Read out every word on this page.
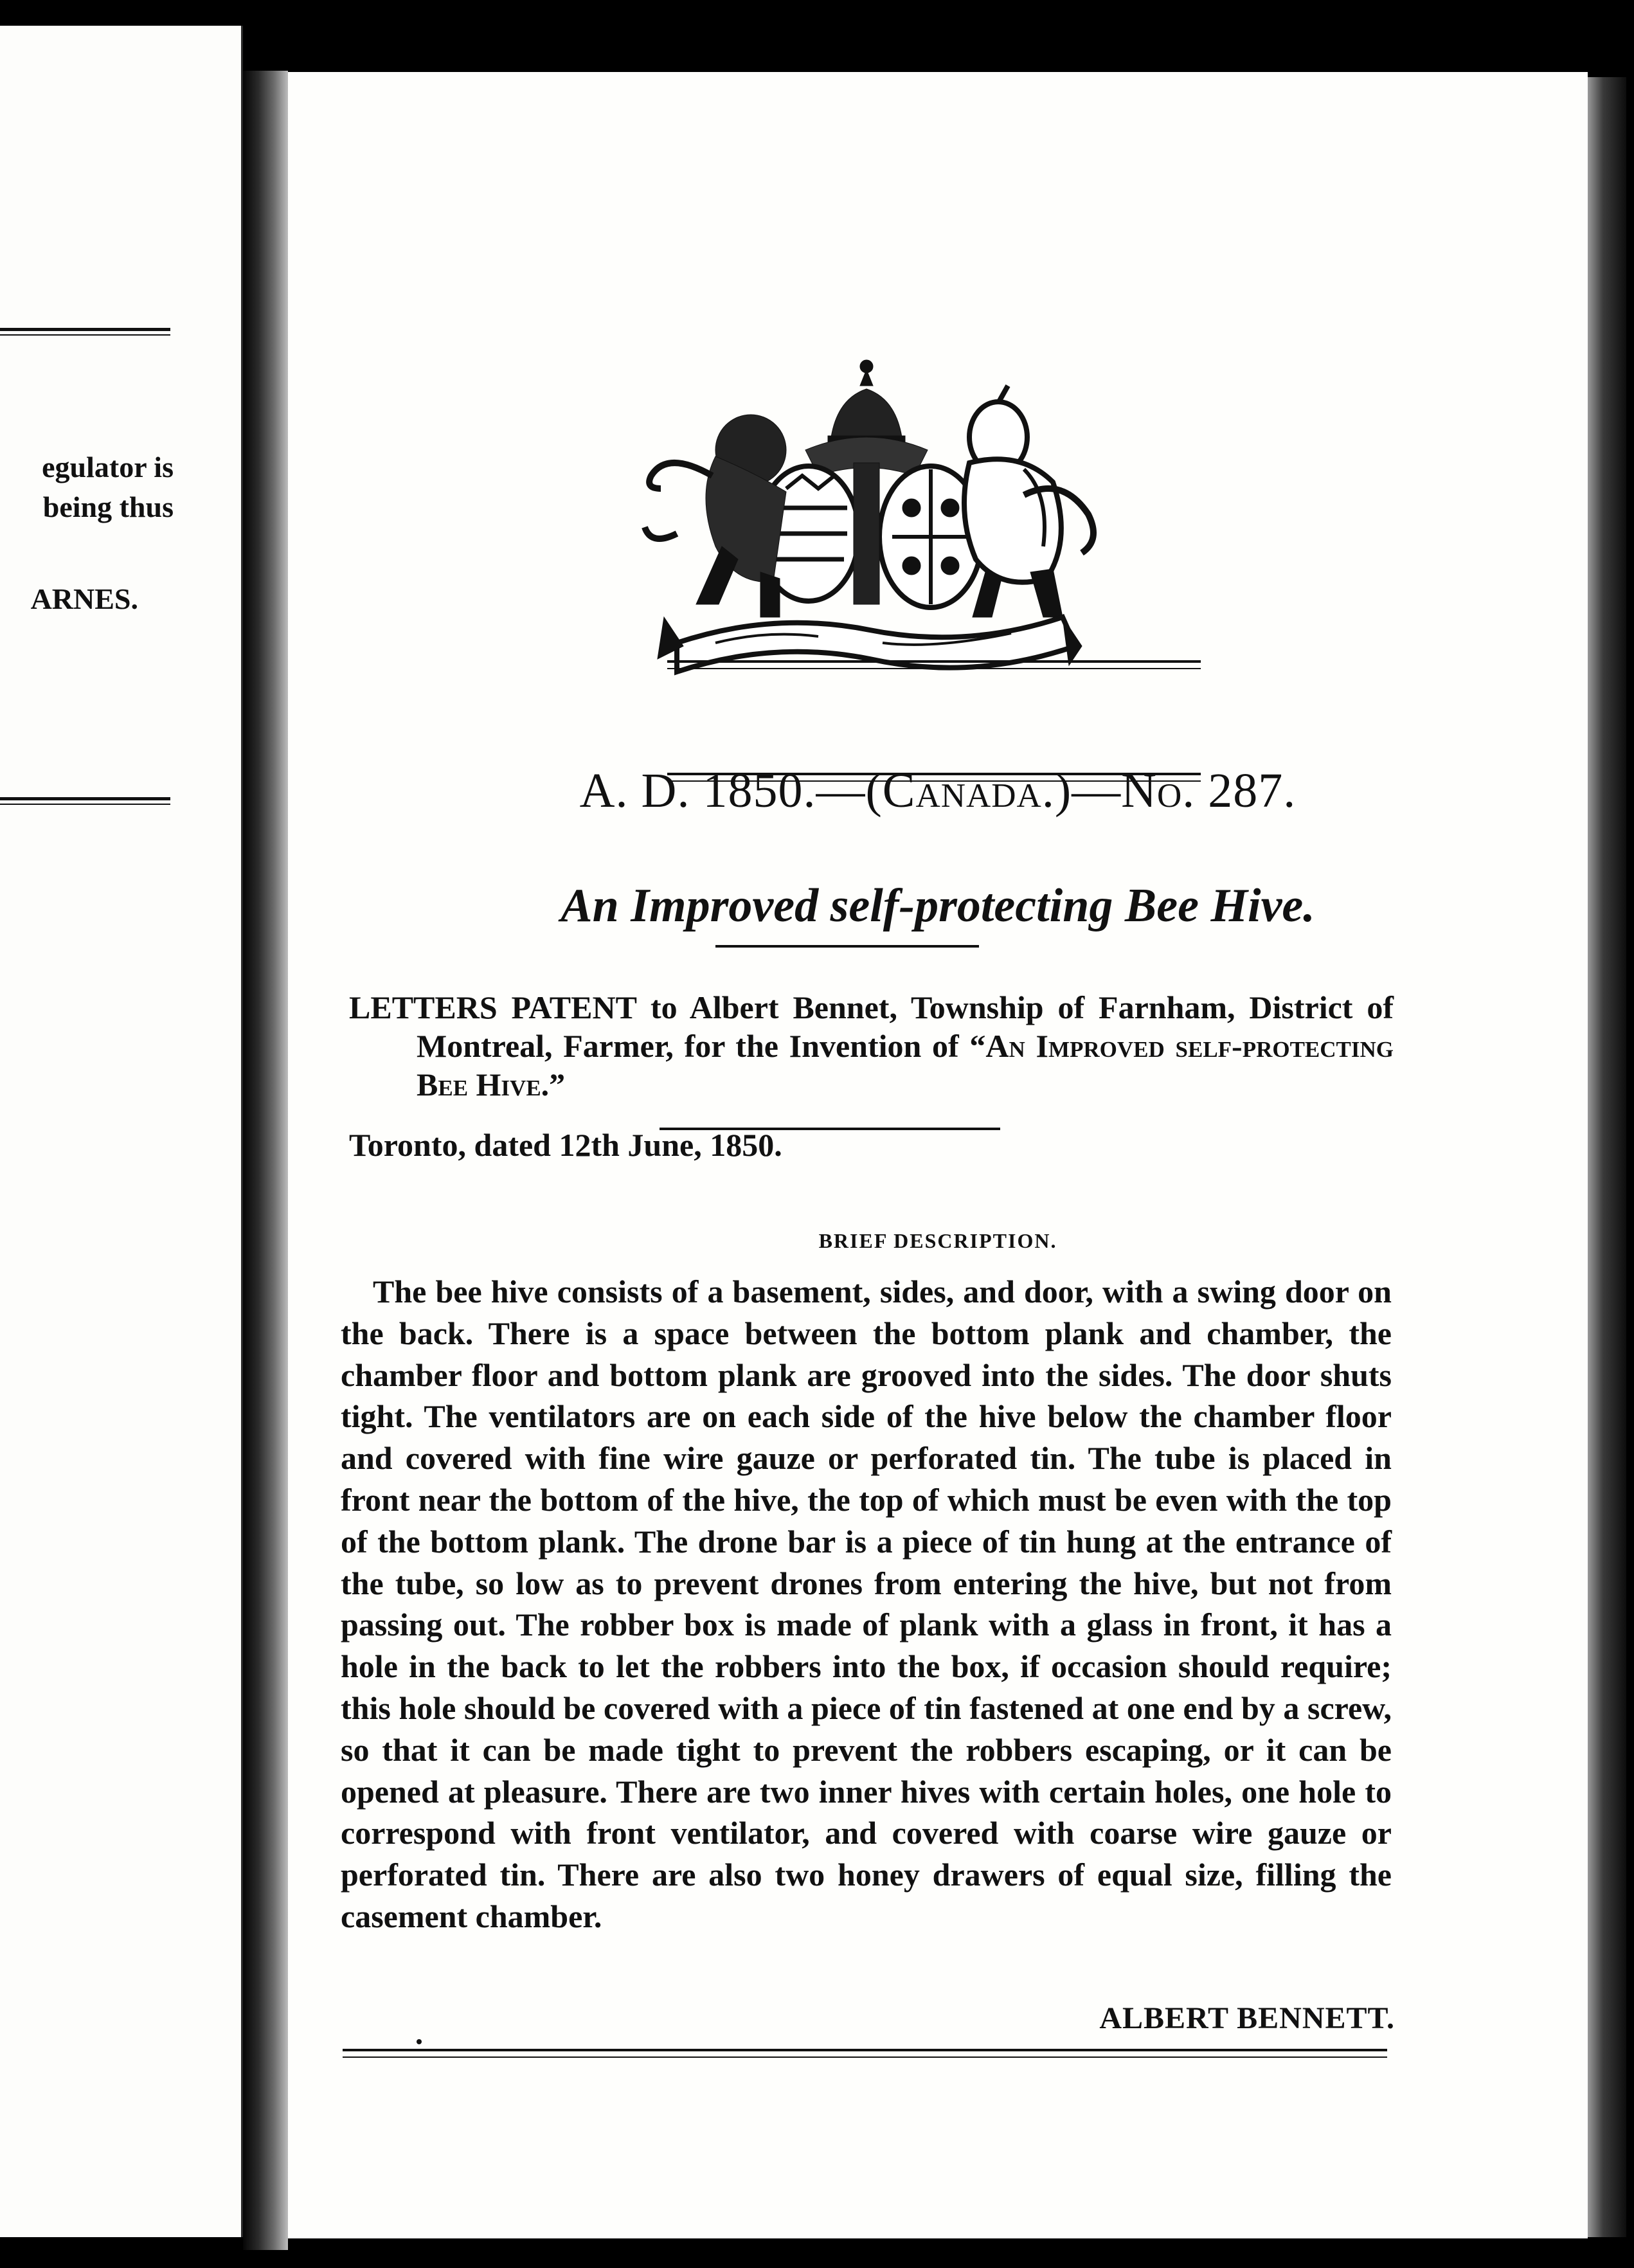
egulator is
being thus
ARNES.
A. D. 1850.—(Canada.)—No. 287.
An Improved self-protecting Bee Hive.
LETTERS PATENT to Albert Bennet, Township of Farnham, District of Montreal, Farmer, for the Invention of “An Improved self-protecting Bee Hive.”
Toronto, dated 12th June, 1850.
BRIEF DESCRIPTION.

The bee hive consists of a basement, sides, and door, with a swing door on the back. There is a space between the bottom plank and chamber, the chamber floor and bottom plank are grooved into the sides. The door shuts tight. The ventilators are on each side of the hive below the chamber floor and covered with fine wire gauze or perforated tin. The tube is placed in front near the bottom of the hive, the top of which must be even with the top of the bottom plank. The drone bar is a piece of tin hung at the entrance of the tube, so low as to prevent drones from entering the hive, but not from passing out. The robber box is made of plank with a glass in front, it has a hole in the back to let the robbers into the box, if occasion should require; this hole should be covered with a piece of tin fastened at one end by a screw, so that it can be made tight to prevent the robbers escaping, or it can be opened at pleasure. There are two inner hives with certain holes, one hole to correspond with front ventilator, and covered with coarse wire gauze or perforated tin. There are also two honey drawers of equal size, filling the casement chamber.

ALBERT BENNETT.
